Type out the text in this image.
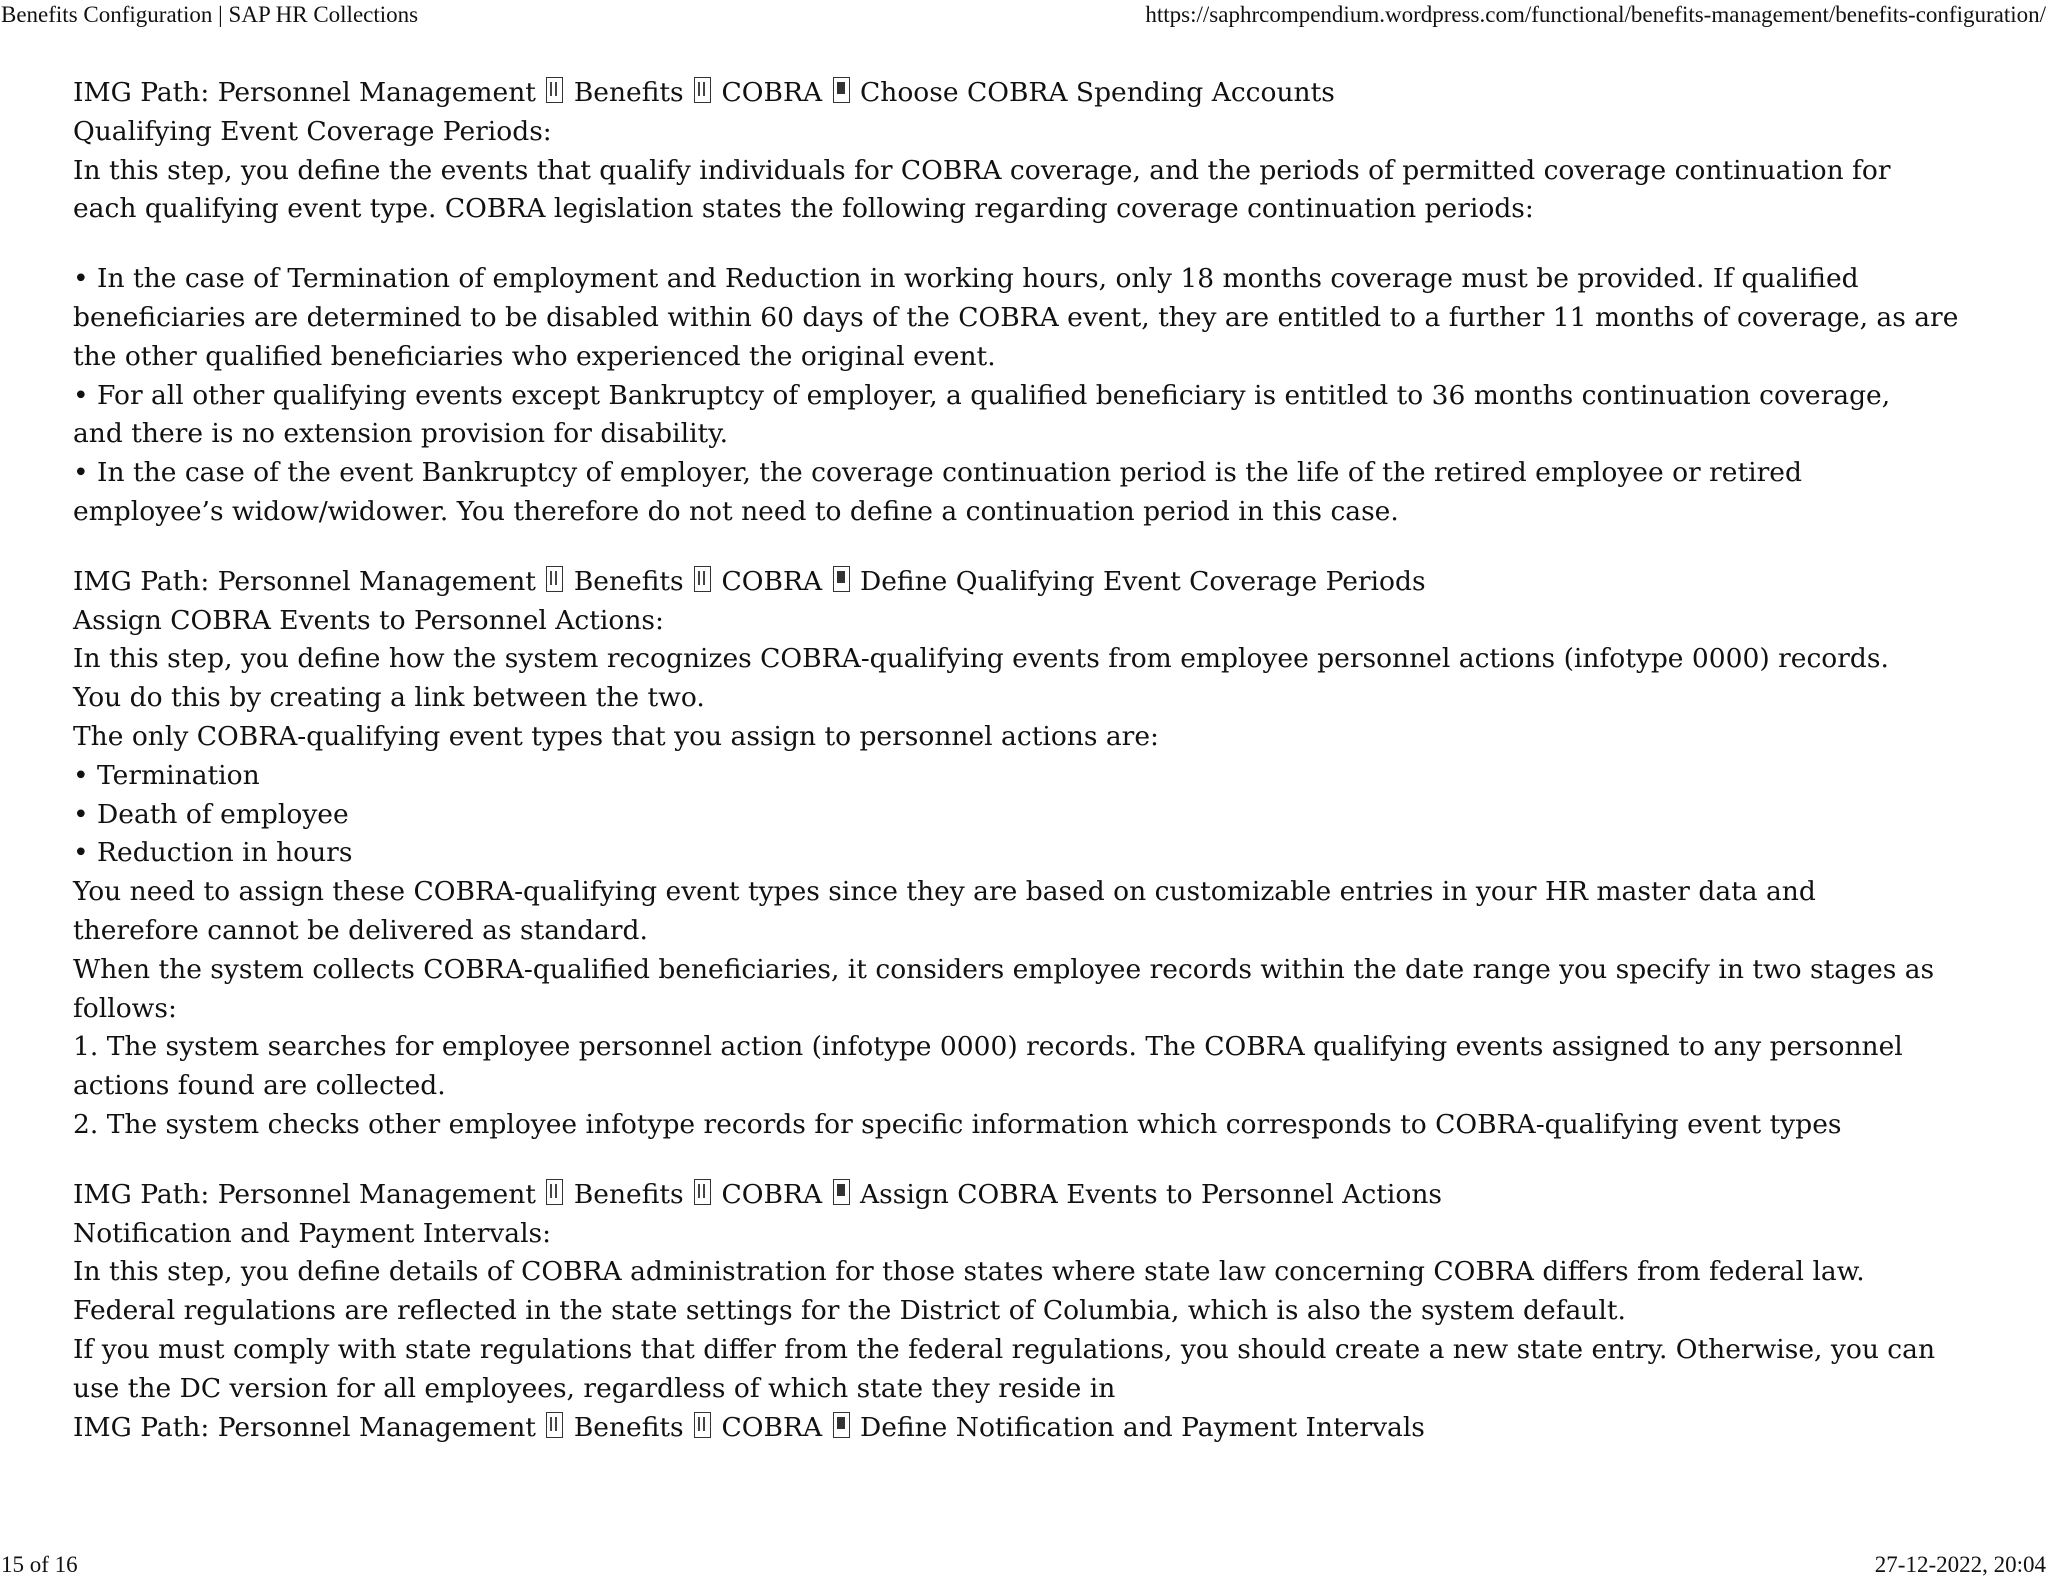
Benefits Configuration | SAP HR Collections	https://saphrcompendium.wordpress.com/functional/benefits-management/benefits-configuration/
IMG Path: Personnel Management Benefits COBRA Choose COBRA Spending Accounts
Qualifying Event Coverage Periods:
In this step, you define the events that qualify individuals for COBRA coverage, and the periods of permitted coverage continuation for
each qualifying event type. COBRA legislation states the following regarding coverage continuation periods:
• In the case of Termination of employment and Reduction in working hours, only 18 months coverage must be provided. If qualified
beneficiaries are determined to be disabled within 60 days of the COBRA event, they are entitled to a further 11 months of coverage, as are
the other qualified beneficiaries who experienced the original event.
• For all other qualifying events except Bankruptcy of employer, a qualified beneficiary is entitled to 36 months continuation coverage,
and there is no extension provision for disability.
• In the case of the event Bankruptcy of employer, the coverage continuation period is the life of the retired employee or retired
employee’s widow/widower. You therefore do not need to define a continuation period in this case.
IMG Path: Personnel Management Benefits COBRA Define Qualifying Event Coverage Periods
Assign COBRA Events to Personnel Actions:
In this step, you define how the system recognizes COBRA-qualifying events from employee personnel actions (infotype 0000) records.
You do this by creating a link between the two.
The only COBRA-qualifying event types that you assign to personnel actions are:
• Termination
• Death of employee
• Reduction in hours
You need to assign these COBRA-qualifying event types since they are based on customizable entries in your HR master data and
therefore cannot be delivered as standard.
When the system collects COBRA-qualified beneficiaries, it considers employee records within the date range you specify in two stages as
follows:
1. The system searches for employee personnel action (infotype 0000) records. The COBRA qualifying events assigned to any personnel
actions found are collected.
2. The system checks other employee infotype records for specific information which corresponds to COBRA-qualifying event types
IMG Path: Personnel Management Benefits COBRA Assign COBRA Events to Personnel Actions
Notification and Payment Intervals:
In this step, you define details of COBRA administration for those states where state law concerning COBRA differs from federal law.
Federal regulations are reflected in the state settings for the District of Columbia, which is also the system default.
If you must comply with state regulations that differ from the federal regulations, you should create a new state entry. Otherwise, you can
use the DC version for all employees, regardless of which state they reside in
IMG Path: Personnel Management Benefits COBRA Define Notification and Payment Intervals
15 of 16	27-12-2022, 20:04
